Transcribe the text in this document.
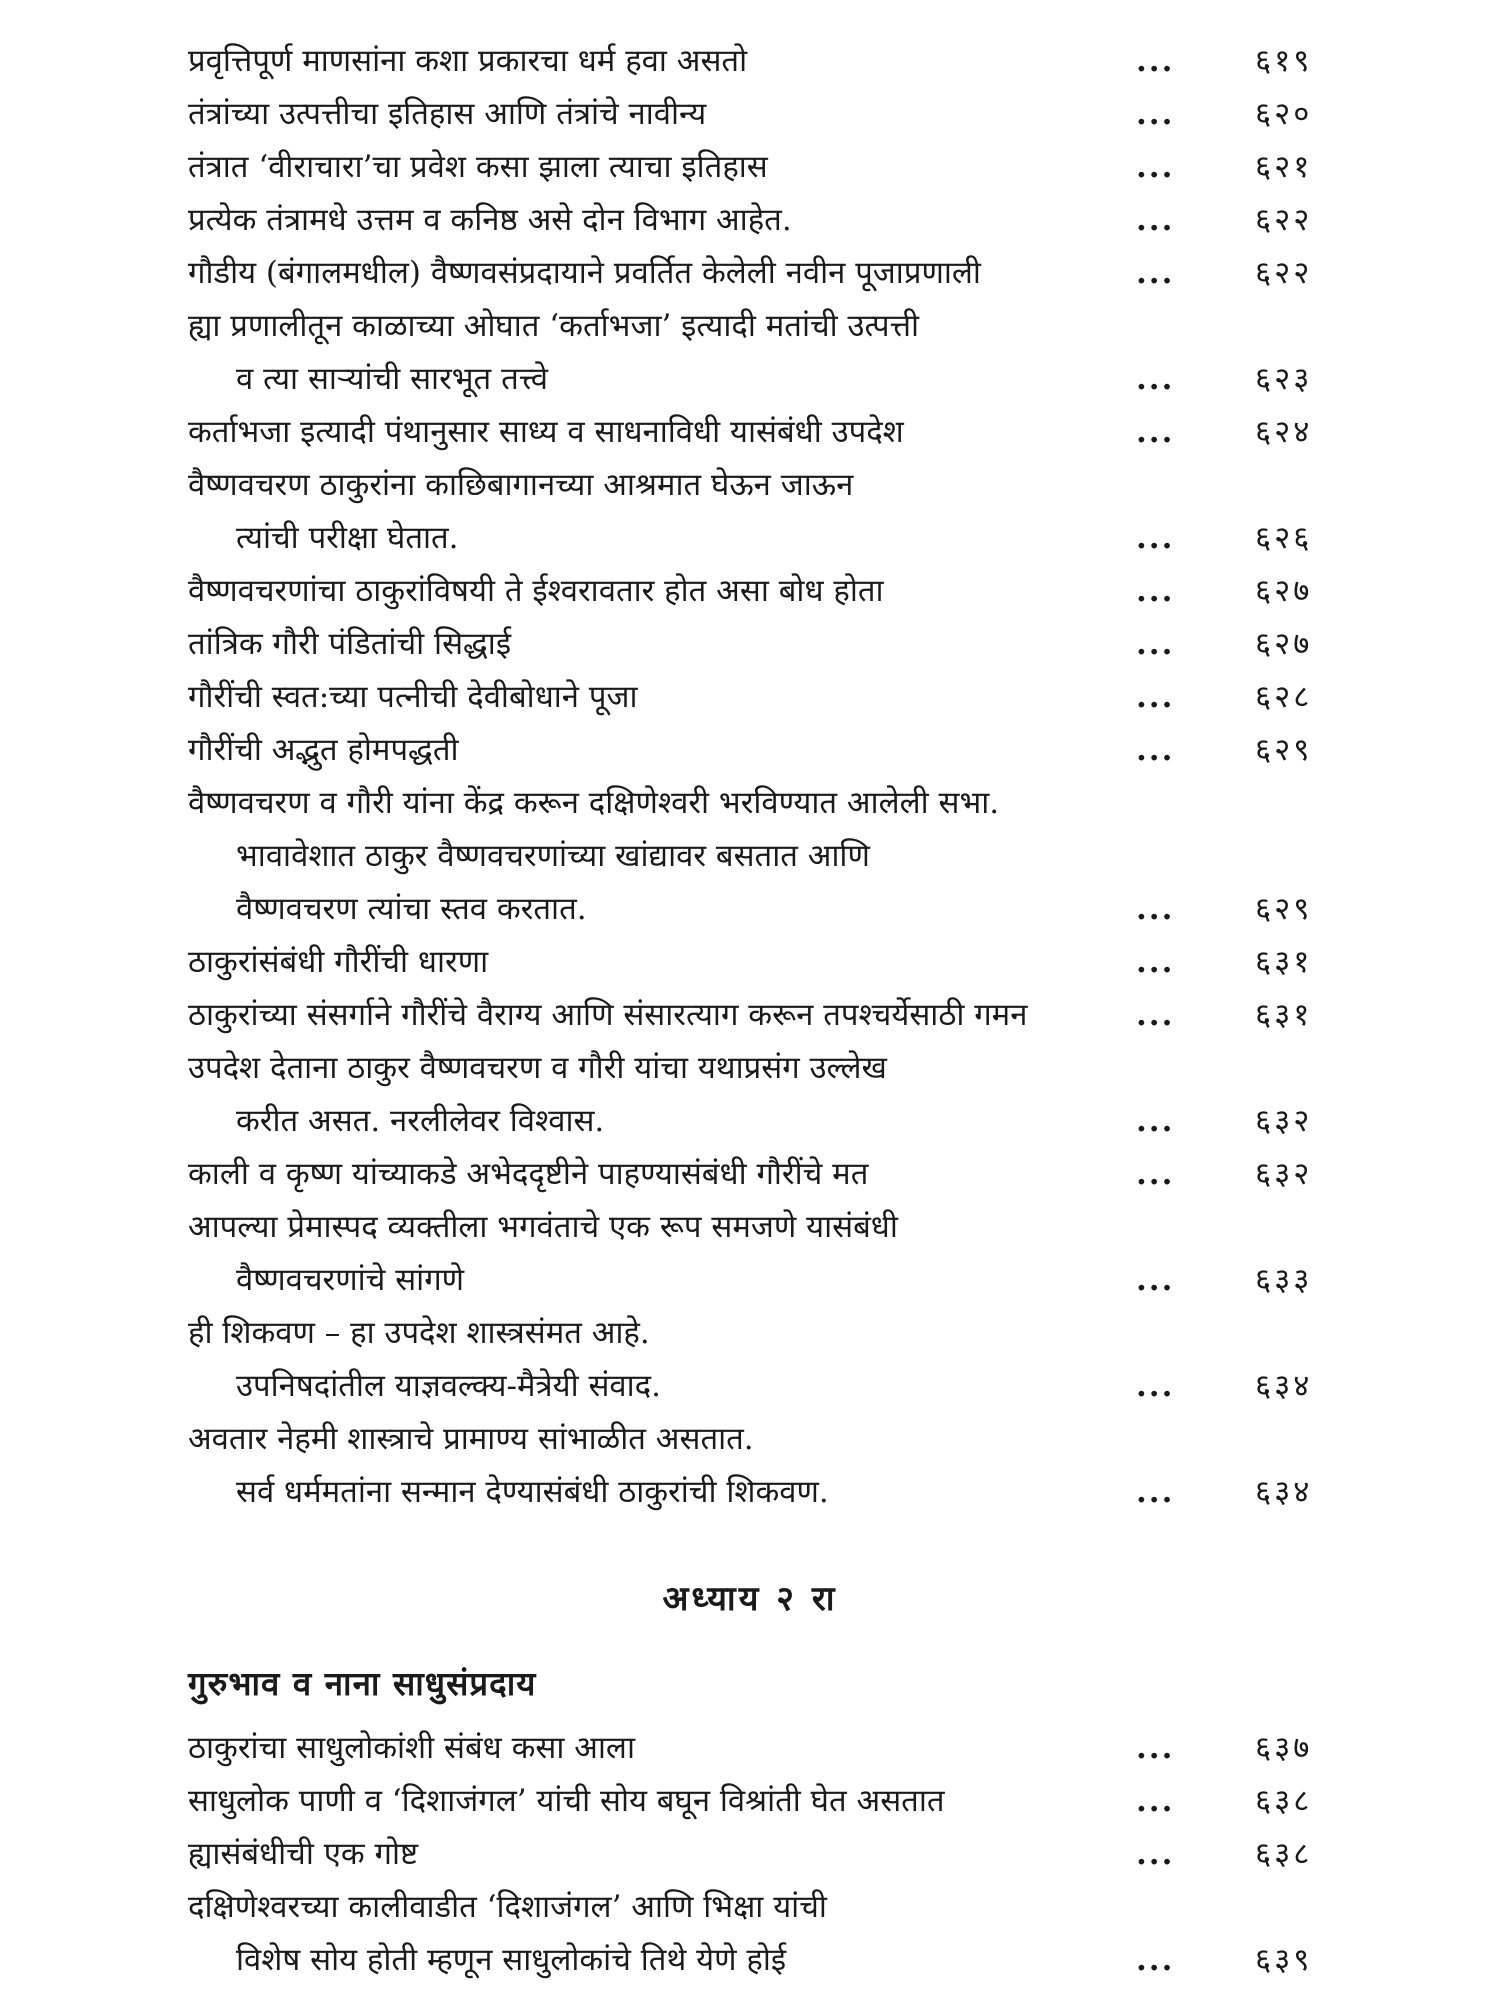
प्रवृत्तिपूर्ण माणसांना कशा प्रकारचा धर्म हवा असतो	...	६१९
तंत्रांच्या उत्पत्तीचा इतिहास आणि तंत्रांचे नावीन्य	...	६२०
तंत्रात ‘वीराचारा’चा प्रवेश कसा झाला त्याचा इतिहास	...	६२१
प्रत्येक तंत्रामधे उत्तम व कनिष्ठ असे दोन विभाग आहेत.	...	६२२
गौडीय (बंगालमधील) वैष्णवसंप्रदायाने प्रवर्तित केलेली नवीन पूजाप्रणाली	...	६२२
ह्या प्रणालीतून काळाच्या ओघात ‘कर्ताभजा’ इत्यादी मतांची उत्पत्ती
व त्या साऱ्यांची सारभूत तत्त्वे	...	६२३
कर्ताभजा इत्यादी पंथानुसार साध्य व साधनाविधी यासंबंधी उपदेश	...	६२४
वैष्णवचरण ठाकुरांना काछिबागानच्या आश्रमात घेऊन जाऊन
त्यांची परीक्षा घेतात.	...	६२६
वैष्णवचरणांचा ठाकुरांविषयी ते ईश्वरावतार होत असा बोध होता	...	६२७
तांत्रिक गौरी पंडितांची सिद्धाई	...	६२७
गौरींची स्वत:च्या पत्नीची देवीबोधाने पूजा	...	६२८
गौरींची अद्भुत होमपद्धती	...	६२९
वैष्णवचरण व गौरी यांना केंद्र करून दक्षिणेश्वरी भरविण्यात आलेली सभा.
भावावेशात ठाकुर वैष्णवचरणांच्या खांद्यावर बसतात आणि
वैष्णवचरण त्यांचा स्तव करतात.	...	६२९
ठाकुरांसंबंधी गौरींची धारणा	...	६३१
ठाकुरांच्या संसर्गाने गौरींचे वैराग्य आणि संसारत्याग करून तपश्चर्येसाठी गमन	...	६३१
उपदेश देताना ठाकुर वैष्णवचरण व गौरी यांचा यथाप्रसंग उल्लेख
करीत असत. नरलीलेवर विश्वास.	...	६३२
काली व कृष्ण यांच्याकडे अभेददृष्टीने पाहण्यासंबंधी गौरींचे मत	...	६३२
आपल्या प्रेमास्पद व्यक्तीला भगवंताचे एक रूप समजणे यासंबंधी
वैष्णवचरणांचे सांगणे	...	६३३
ही शिकवण – हा उपदेश शास्त्रसंमत आहे.
उपनिषदांतील याज्ञवल्क्य-मैत्रेयी संवाद.	...	६३४
अवतार नेहमी शास्त्राचे प्रामाण्य सांभाळीत असतात.
सर्व धर्ममतांना सन्मान देण्यासंबंधी ठाकुरांची शिकवण.	...	६३४
अध्याय २ रा
गुरुभाव व नाना साधुसंप्रदाय
ठाकुरांचा साधुलोकांशी संबंध कसा आला	...	६३७
साधुलोक पाणी व ‘दिशाजंगल’ यांची सोय बघून विश्रांती घेत असतात	...	६३८
ह्यासंबंधीची एक गोष्ट	...	६३८
दक्षिणेश्वरच्या कालीवाडीत ‘दिशाजंगल’ आणि भिक्षा यांची
विशेष सोय होती म्हणून साधुलोकांचे तिथे येणे होई	...	६३९
